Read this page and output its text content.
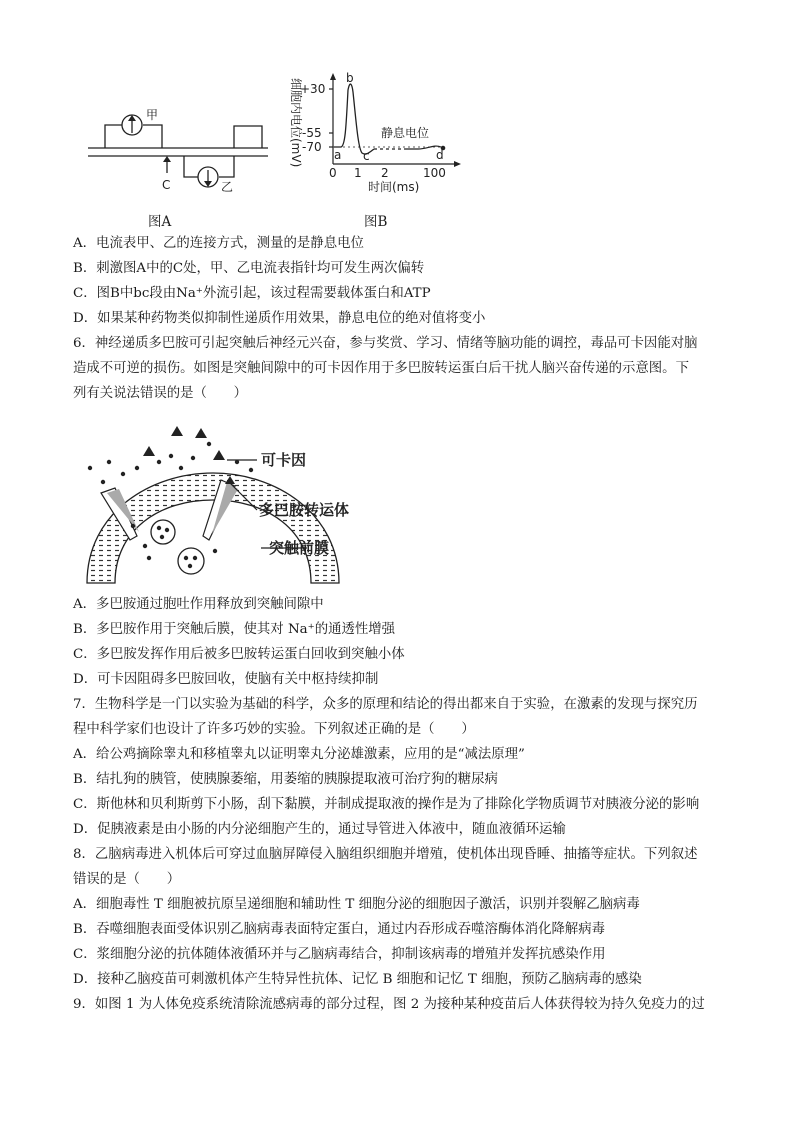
甲
乙
C
图A
细胞内电位(mV)
+30
-55
-70
b
a c	d
静息电位
0 1 2	100
时间(ms)
图B
A．电流表甲、乙的连接方式，测量的是静息电位
B．刺激图A中的C处，甲、乙电流表指针均可发生两次偏转
C．图B中bc段由Na⁺外流引起，该过程需要载体蛋白和ATP
D．如果某种药物类似抑制性递质作用效果，静息电位的绝对值将变小
6．神经递质多巴胺可引起突触后神经元兴奋，参与奖赏、学习、情绪等脑功能的调控，毒品可卡因能对脑
造成不可逆的损伤。如图是突触间隙中的可卡因作用于多巴胺转运蛋白后干扰人脑兴奋传递的示意图。下
列有关说法错误的是（　　）
可卡因
多巴胺转运体
突触前膜
A．多巴胺通过胞吐作用释放到突触间隙中
B．多巴胺作用于突触后膜，使其对 Na⁺的通透性增强
C．多巴胺发挥作用后被多巴胺转运蛋白回收到突触小体
D．可卡因阻碍多巴胺回收，使脑有关中枢持续抑制
7．生物科学是一门以实验为基础的科学，众多的原理和结论的得出都来自于实验，在激素的发现与探究历
程中科学家们也设计了许多巧妙的实验。下列叙述正确的是（　　）
A．给公鸡摘除睾丸和移植睾丸以证明睾丸分泌雄激素，应用的是“减法原理”
B．结扎狗的胰管，使胰腺萎缩，用萎缩的胰腺提取液可治疗狗的糖尿病
C．斯他林和贝利斯剪下小肠，刮下黏膜，并制成提取液的操作是为了排除化学物质调节对胰液分泌的影响
D．促胰液素是由小肠的内分泌细胞产生的，通过导管进入体液中，随血液循环运输
8．乙脑病毒进入机体后可穿过血脑屏障侵入脑组织细胞并增殖，使机体出现昏睡、抽搐等症状。下列叙述
错误的是（　　）
A．细胞毒性 T 细胞被抗原呈递细胞和辅助性 T 细胞分泌的细胞因子激活，识别并裂解乙脑病毒
B．吞噬细胞表面受体识别乙脑病毒表面特定蛋白，通过内吞形成吞噬溶酶体消化降解病毒
C．浆细胞分泌的抗体随体液循环并与乙脑病毒结合，抑制该病毒的增殖并发挥抗感染作用
D．接种乙脑疫苗可刺激机体产生特异性抗体、记忆 B 细胞和记忆 T 细胞，预防乙脑病毒的感染
9．如图 1 为人体免疫系统清除流感病毒的部分过程，图 2 为接种某种疫苗后人体获得较为持久免疫力的过
